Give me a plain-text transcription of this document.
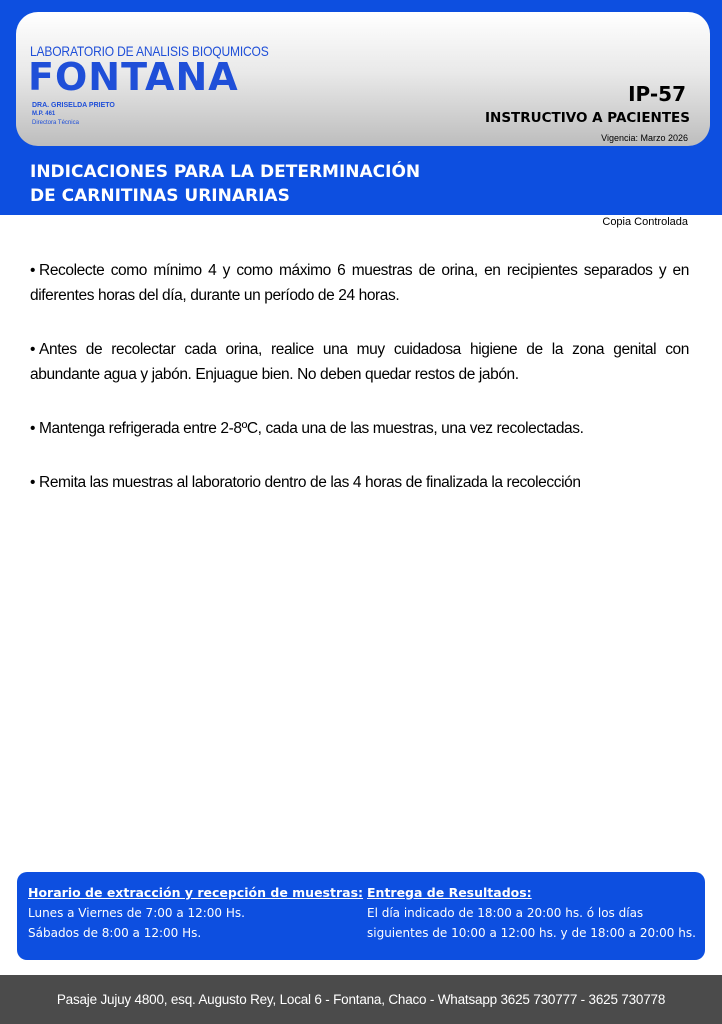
LABORATORIO DE ANALISIS BIOQUMICOS
FONTANA
DRA. GRISELDA PRIETO
M.P. 461
Directora Técnica
IP-57
INSTRUCTIVO A PACIENTES
Vigencia: Marzo 2026
INDICACIONES PARA LA DETERMINACIÓN
DE CARNITINAS URINARIAS
Copia Controlada
• Recolecte como mínimo 4 y como máximo 6 muestras de orina, en recipientes separados y en diferentes horas del día, durante un período de 24 horas.
• Antes de recolectar cada orina, realice una muy cuidadosa higiene de la zona genital con abundante agua y jabón. Enjuague bien. No deben quedar restos de jabón.
• Mantenga refrigerada entre 2-8ºC, cada una de las muestras, una vez recolectadas.
• Remita las muestras al laboratorio dentro de las 4 horas de finalizada la recolección
Horario de extracción y recepción de muestras:
Lunes a Viernes de 7:00 a 12:00 Hs.
Sábados de 8:00 a 12:00 Hs.
Entrega de Resultados:
El día indicado de 18:00 a 20:00 hs. ó los días
siguientes de 10:00 a 12:00 hs. y de 18:00 a 20:00 hs.
Pasaje Jujuy 4800, esq. Augusto Rey, Local 6 - Fontana, Chaco - Whatsapp 3625 730777 - 3625 730778
